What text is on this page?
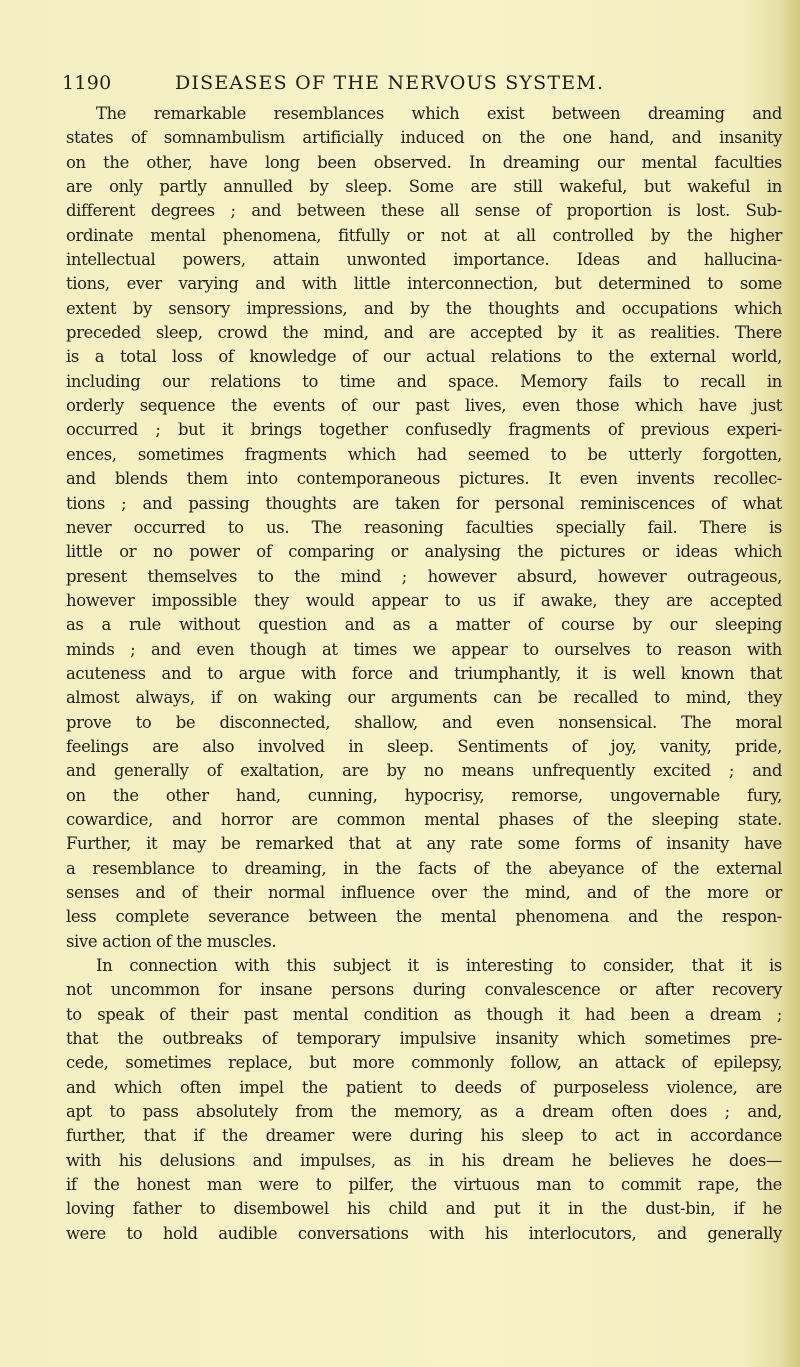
1190	DISEASES OF THE NERVOUS SYSTEM.
The remarkable resemblances which exist between dreaming and
states of somnambulism artificially induced on the one hand, and insanity
on the other, have long been observed. In dreaming our mental faculties
are only partly annulled by sleep. Some are still wakeful, but wakeful in
different degrees ; and between these all sense of proportion is lost. Sub-
ordinate mental phenomena, fitfully or not at all controlled by the higher
intellectual powers, attain unwonted importance. Ideas and hallucina-
tions, ever varying and with little interconnection, but determined to some
extent by sensory impressions, and by the thoughts and occupations which
preceded sleep, crowd the mind, and are accepted by it as realities. There
is a total loss of knowledge of our actual relations to the external world,
including our relations to time and space. Memory fails to recall in
orderly sequence the events of our past lives, even those which have just
occurred ; but it brings together confusedly fragments of previous experi-
ences, sometimes fragments which had seemed to be utterly forgotten,
and blends them into contemporaneous pictures. It even invents recollec-
tions ; and passing thoughts are taken for personal reminiscences of what
never occurred to us. The reasoning faculties specially fail. There is
little or no power of comparing or analysing the pictures or ideas which
present themselves to the mind ; however absurd, however outrageous,
however impossible they would appear to us if awake, they are accepted
as a rule without question and as a matter of course by our sleeping
minds ; and even though at times we appear to ourselves to reason with
acuteness and to argue with force and triumphantly, it is well known that
almost always, if on waking our arguments can be recalled to mind, they
prove to be disconnected, shallow, and even nonsensical. The moral
feelings are also involved in sleep. Sentiments of joy, vanity, pride,
and generally of exaltation, are by no means unfrequently excited ; and
on the other hand, cunning, hypocrisy, remorse, ungovernable fury,
cowardice, and horror are common mental phases of the sleeping state.
Further, it may be remarked that at any rate some forms of insanity have
a resemblance to dreaming, in the facts of the abeyance of the external
senses and of their normal influence over the mind, and of the more or
less complete severance between the mental phenomena and the respon-
sive action of the muscles.
In connection with this subject it is interesting to consider, that it is
not uncommon for insane persons during convalescence or after recovery
to speak of their past mental condition as though it had been a dream ;
that the outbreaks of temporary impulsive insanity which sometimes pre-
cede, sometimes replace, but more commonly follow, an attack of epilepsy,
and which often impel the patient to deeds of purposeless violence, are
apt to pass absolutely from the memory, as a dream often does ; and,
further, that if the dreamer were during his sleep to act in accordance
with his delusions and impulses, as in his dream he believes he does—
if the honest man were to pilfer, the virtuous man to commit rape, the
loving father to disembowel his child and put it in the dust-bin, if he
were to hold audible conversations with his interlocutors, and generally
